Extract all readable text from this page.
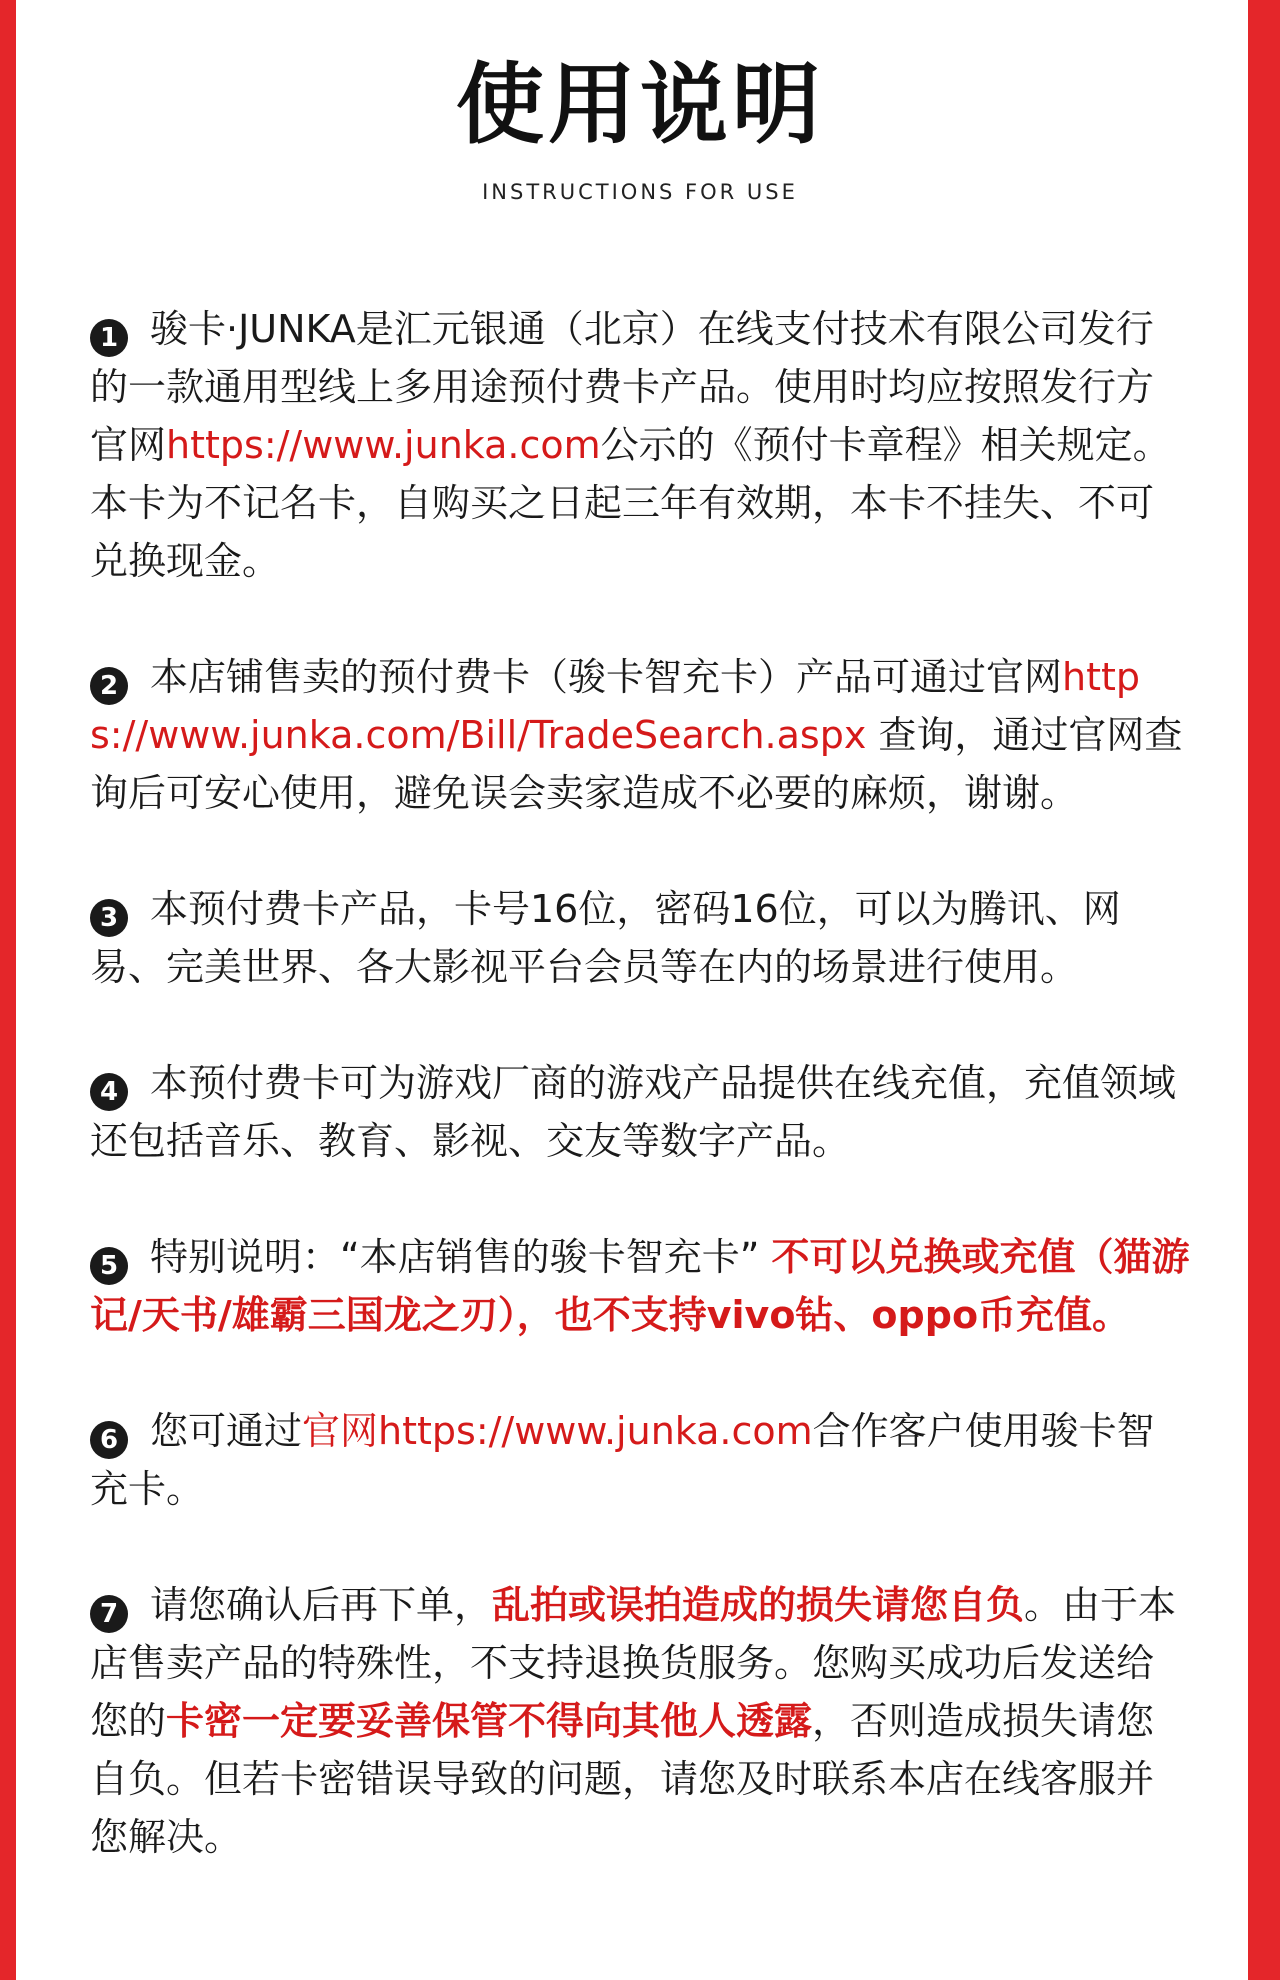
使用说明
INSTRUCTIONS FOR USE

1 骏卡·JUNKA是汇元银通（北京）在线支付技术有限公司发行的一款通用型线上多用途预付费卡产品。使用时均应按照发行方官网https://www.junka.com公示的《预付卡章程》相关规定。本卡为不记名卡，自购买之日起三年有效期，本卡不挂失、不可兑换现金。

2 本店铺售卖的预付费卡（骏卡智充卡）产品可通过官网https://www.junka.com/Bill/TradeSearch.aspx 查询，通过官网查询后可安心使用，避免误会卖家造成不必要的麻烦，谢谢。

3 本预付费卡产品，卡号16位，密码16位，可以为腾讯、网易、完美世界、各大影视平台会员等在内的场景进行使用。

4 本预付费卡可为游戏厂商的游戏产品提供在线充值，充值领域还包括音乐、教育、影视、交友等数字产品。

5 特别说明：“本店销售的骏卡智充卡” 不可以兑换或充值（猫游记/天书/雄霸三国龙之刃），也不支持vivo钻、oppo币充值。

6 您可通过官网https://www.junka.com合作客户使用骏卡智充卡。

7 请您确认后再下单，乱拍或误拍造成的损失请您自负。由于本店售卖产品的特殊性，不支持退换货服务。您购买成功后发送给您的卡密一定要妥善保管不得向其他人透露，否则造成损失请您自负。但若卡密错误导致的问题，请您及时联系本店在线客服并您解决。
